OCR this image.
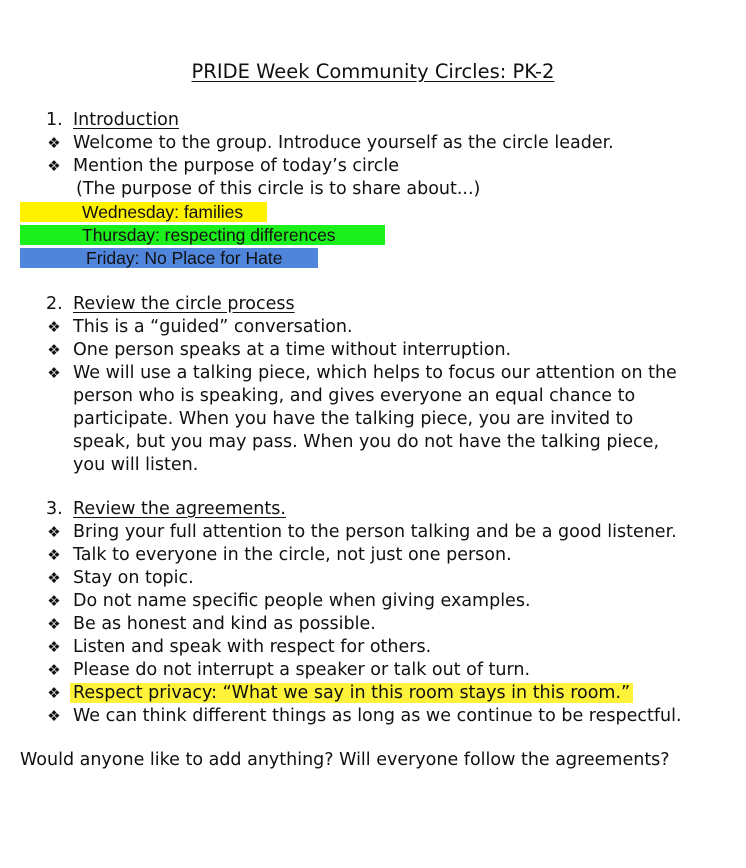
PRIDE Week Community Circles: PK-2
1. Introduction
❖ Welcome to the group. Introduce yourself as the circle leader.
❖ Mention the purpose of today’s circle
(The purpose of this circle is to share about...)
Wednesday: families
Thursday: respecting differences
Friday: No Place for Hate
2. Review the circle process
❖ This is a “guided” conversation.
❖ One person speaks at a time without interruption.
❖ We will use a talking piece, which helps to focus our attention on the
person who is speaking, and gives everyone an equal chance to
participate. When you have the talking piece, you are invited to
speak, but you may pass. When you do not have the talking piece,
you will listen.
3. Review the agreements.
❖ Bring your full attention to the person talking and be a good listener.
❖ Talk to everyone in the circle, not just one person.
❖ Stay on topic.
❖ Do not name specific people when giving examples.
❖ Be as honest and kind as possible.
❖ Listen and speak with respect for others.
❖ Please do not interrupt a speaker or talk out of turn.
❖ Respect privacy: “What we say in this room stays in this room.”
❖ We can think different things as long as we continue to be respectful.
Would anyone like to add anything? Will everyone follow the agreements?
